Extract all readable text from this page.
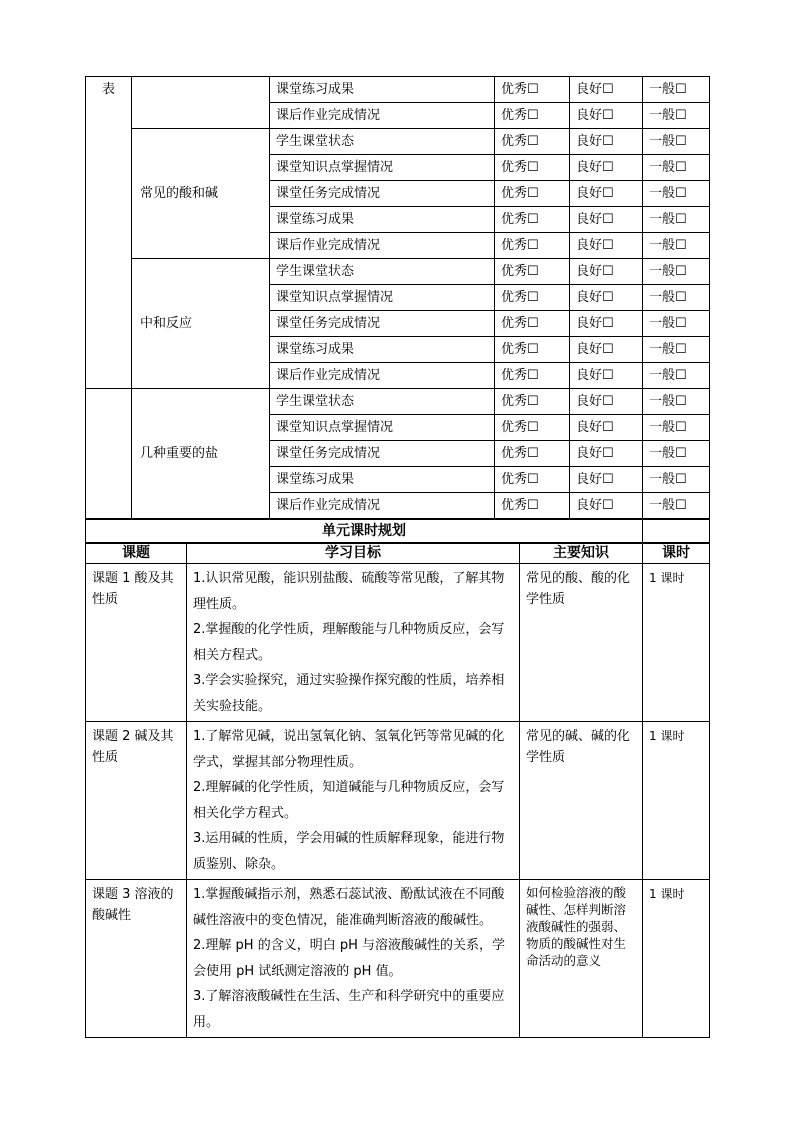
表		课堂练习成果	优秀☐	良好☐	一般☐
		课后作业完成情况	优秀☐	良好☐	一般☐
	常见的酸和碱	学生课堂状态	优秀☐	良好☐	一般☐
		课堂知识点掌握情况	优秀☐	良好☐	一般☐
		课堂任务完成情况	优秀☐	良好☐	一般☐
		课堂练习成果	优秀☐	良好☐	一般☐
		课后作业完成情况	优秀☐	良好☐	一般☐
	中和反应	学生课堂状态	优秀☐	良好☐	一般☐
		课堂知识点掌握情况	优秀☐	良好☐	一般☐
		课堂任务完成情况	优秀☐	良好☐	一般☐
		课堂练习成果	优秀☐	良好☐	一般☐
		课后作业完成情况	优秀☐	良好☐	一般☐
	几种重要的盐	学生课堂状态	优秀☐	良好☐	一般☐
		课堂知识点掌握情况	优秀☐	良好☐	一般☐
		课堂任务完成情况	优秀☐	良好☐	一般☐
		课堂练习成果	优秀☐	良好☐	一般☐
		课后作业完成情况	优秀☐	良好☐	一般☐
单元课时规划	
课题	学习目标	主要知识	课时
课题 1 酸及其性质	1.认识常见酸，能识别盐酸、硫酸等常见酸，了解其物理性质。

2.掌握酸的化学性质，理解酸能与几种物质反应，会写相关方程式。

3.学会实验探究，通过实验操作探究酸的性质，培养相关实验技能。	常见的酸、酸的化学性质	1 课时
课题 2 碱及其性质	1.了解常见碱，说出氢氧化钠、氢氧化钙等常见碱的化学式，掌握其部分物理性质。

2.理解碱的化学性质，知道碱能与几种物质反应，会写相关化学方程式。

3.运用碱的性质，学会用碱的性质解释现象，能进行物质鉴别、除杂。	常见的碱、碱的化学性质	1 课时
课题 3 溶液的酸碱性	1.掌握酸碱指示剂，熟悉石蕊试液、酚酞试液在不同酸碱性溶液中的变色情况，能准确判断溶液的酸碱性。

2.理解 pH 的含义，明白 pH 与溶液酸碱性的关系，学会使用 pH 试纸测定溶液的 pH 值。

3.了解溶液酸碱性在生活、生产和科学研究中的重要应用。	如何检验溶液的酸碱性、怎样判断溶液酸碱性的强弱、物质的酸碱性对生命活动的意义	1 课时
